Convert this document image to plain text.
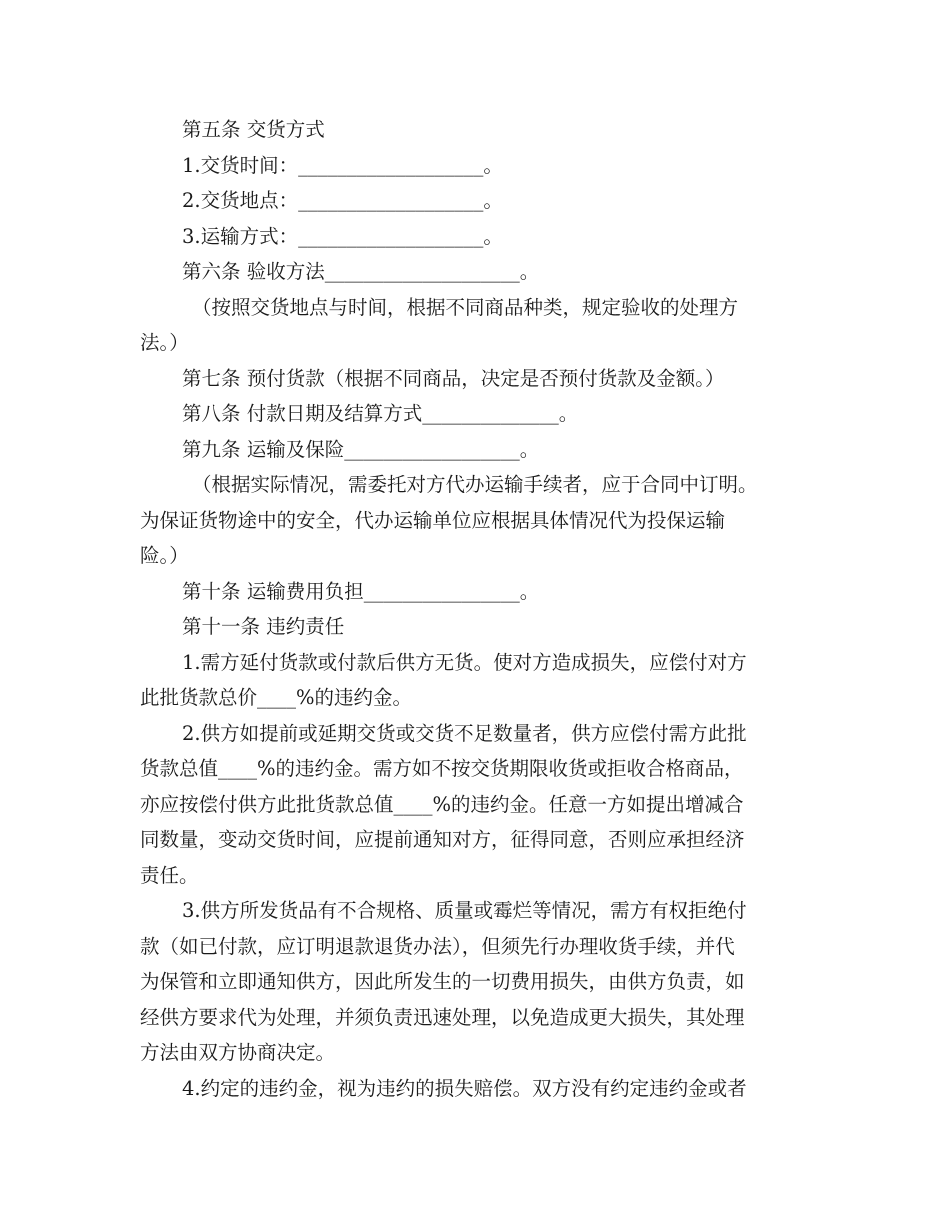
第五条 交货方式
1.交货时间：___________________。
2.交货地点：___________________。
3.运输方式：___________________。
第六条 验收方法____________________。
（按照交货地点与时间，根据不同商品种类，规定验收的处理方
法。）
第七条 预付货款（根据不同商品，决定是否预付货款及金额。）
第八条 付款日期及结算方式______________。
第九条 运输及保险__________________。
（根据实际情况，需委托对方代办运输手续者，应于合同中订明。
为保证货物途中的安全，代办运输单位应根据具体情况代为投保运输
险。）
第十条 运输费用负担________________。
第十一条 违约责任
1.需方延付货款或付款后供方无货。使对方造成损失，应偿付对方
此批货款总价____%的违约金。
2.供方如提前或延期交货或交货不足数量者，供方应偿付需方此批
货款总值____%的违约金。需方如不按交货期限收货或拒收合格商品，
亦应按偿付供方此批货款总值____%的违约金。任意一方如提出增减合
同数量，变动交货时间，应提前通知对方，征得同意，否则应承担经济
责任。
3.供方所发货品有不合规格、质量或霉烂等情况，需方有权拒绝付
款（如已付款，应订明退款退货办法），但须先行办理收货手续，并代
为保管和立即通知供方，因此所发生的一切费用损失，由供方负责，如
经供方要求代为处理，并须负责迅速处理，以免造成更大损失，其处理
方法由双方协商决定。
4.约定的违约金，视为违约的损失赔偿。双方没有约定违约金或者
